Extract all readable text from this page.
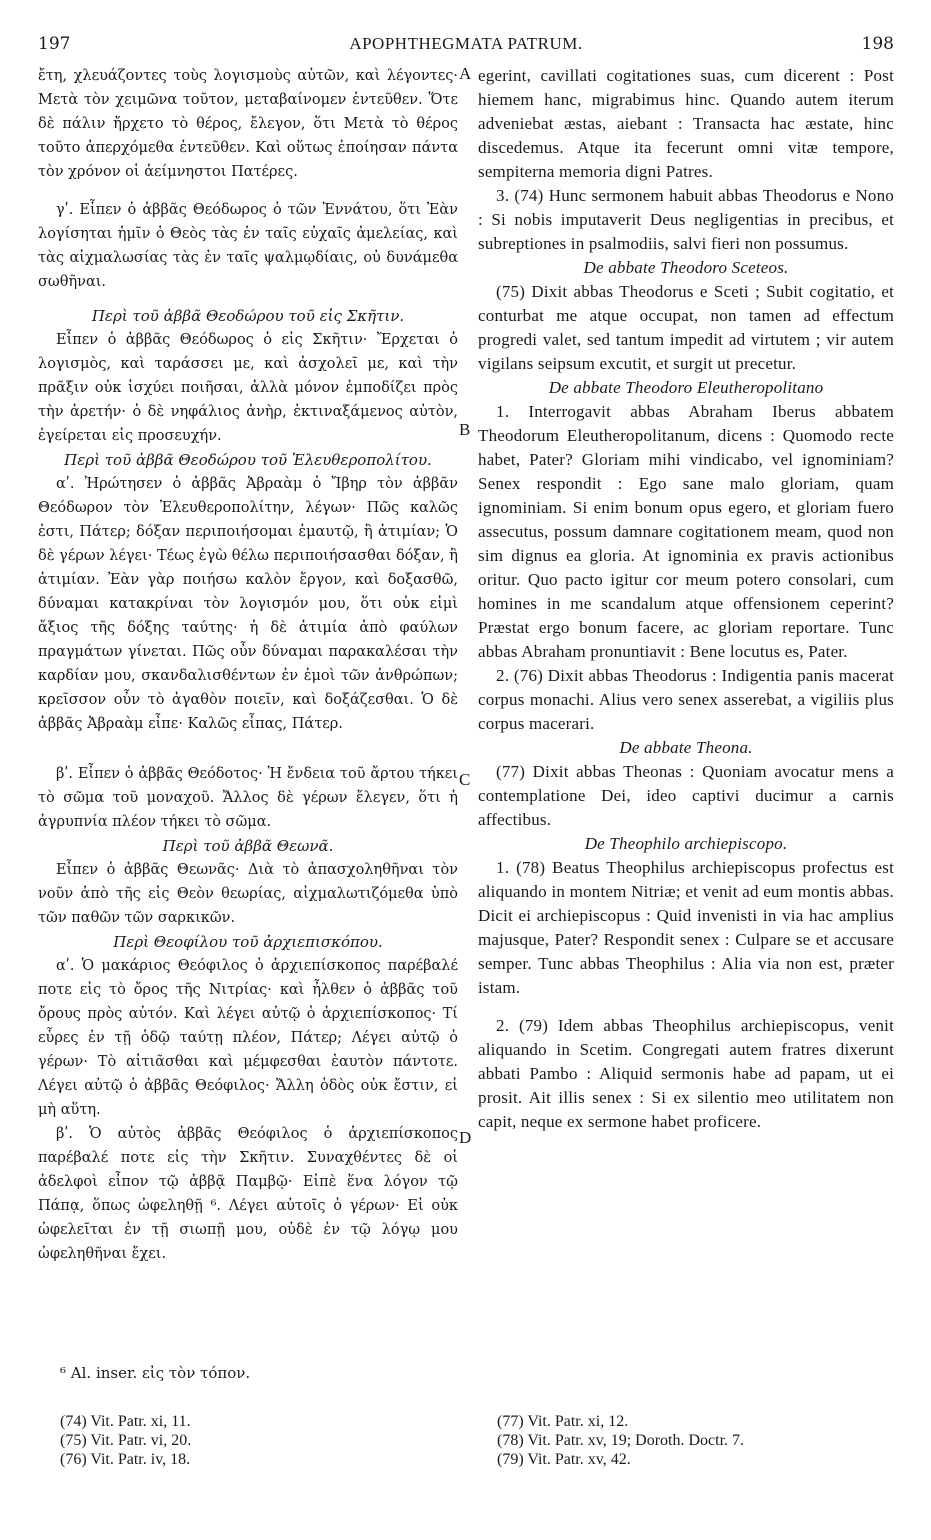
197	APOPHTHEGMATA PATRUM.	198

ἔτη, χλευάζοντες τοὺς λογισμοὺς αὐτῶν, καὶ λέγοντες· Μετὰ τὸν χειμῶνα τοῦτον, μεταβαίνομεν ἐντεῦθεν. Ὅτε δὲ πάλιν ἤρχετο τὸ θέρος, ἔλεγον, ὅτι Μετὰ τὸ θέρος τοῦτο ἀπερχόμεθα ἐντεῦθεν. Καὶ οὕτως ἐποίησαν πάντα τὸν χρόνον οἱ ἀείμνηστοι Πατέρες.

γʹ. Εἶπεν ὁ ἀββᾶς Θεόδωρος ὁ τῶν Ἐννάτου, ὅτι Ἐὰν λογίσηται ἡμῖν ὁ Θεὸς τὰς ἐν ταῖς εὐχαῖς ἀμελείας, καὶ τὰς αἰχμαλωσίας τὰς ἐν ταῖς ψαλμῳδίαις, οὐ δυνάμεθα σωθῆναι.

Περὶ τοῦ ἀββᾶ Θεοδώρου τοῦ εἰς Σκῆτιν.

Εἶπεν ὁ ἀββᾶς Θεόδωρος ὁ εἰς Σκῆτιν· Ἔρχεται ὁ λογισμὸς, καὶ ταράσσει με, καὶ ἀσχολεῖ με, καὶ τὴν πρᾶξιν οὐκ ἰσχύει ποιῆσαι, ἀλλὰ μόνον ἐμποδίζει πρὸς τὴν ἀρετήν· ὁ δὲ νηφάλιος ἀνὴρ, ἐκτιναξάμενος αὐτὸν, ἐγείρεται εἰς προσευχήν.

Περὶ τοῦ ἀββᾶ Θεοδώρου τοῦ Ἐλευθεροπολίτου.

αʹ. Ἠρώτησεν ὁ ἀββᾶς Ἀβραὰμ ὁ Ἴβηρ τὸν ἀββᾶν Θεόδωρον τὸν Ἐλευθεροπολίτην, λέγων· Πῶς καλῶς ἐστι, Πάτερ; δόξαν περιποιήσομαι ἐμαυτῷ, ἢ ἀτιμίαν; Ὁ δὲ γέρων λέγει· Τέως ἐγὼ θέλω περιποιήσασθαι δόξαν, ἢ ἀτιμίαν. Ἐὰν γὰρ ποιήσω καλὸν ἔργον, καὶ δοξασθῶ, δύναμαι κατακρίναι τὸν λογισμόν μου, ὅτι οὐκ εἰμὶ ἄξιος τῆς δόξης ταύτης· ἡ δὲ ἀτιμία ἀπὸ φαύλων πραγμάτων γίνεται. Πῶς οὖν δύναμαι παρακαλέσαι τὴν καρδίαν μου, σκανδαλισθέντων ἐν ἐμοὶ τῶν ἀνθρώπων; κρεῖσσον οὖν τὸ ἀγαθὸν ποιεῖν, καὶ δοξάζεσθαι. Ὁ δὲ ἀββᾶς Ἀβραὰμ εἶπε· Καλῶς εἶπας, Πάτερ.

βʹ. Εἶπεν ὁ ἀββᾶς Θεόδοτος· Ἡ ἔνδεια τοῦ ἄρτου τήκει τὸ σῶμα τοῦ μοναχοῦ. Ἄλλος δὲ γέρων ἔλεγεν, ὅτι ἡ ἀγρυπνία πλέον τήκει τὸ σῶμα.

Περὶ τοῦ ἀββᾶ Θεωνᾶ.

Εἶπεν ὁ ἀββᾶς Θεωνᾶς· Διὰ τὸ ἀπασχοληθῆναι τὸν νοῦν ἀπὸ τῆς εἰς Θεὸν θεωρίας, αἰχμαλωτιζόμεθα ὑπὸ τῶν παθῶν τῶν σαρκικῶν.

Περὶ Θεοφίλου τοῦ ἀρχιεπισκόπου.

αʹ. Ὁ μακάριος Θεόφιλος ὁ ἀρχιεπίσκοπος παρέβαλέ ποτε εἰς τὸ ὄρος τῆς Νιτρίας· καὶ ἦλθεν ὁ ἀββᾶς τοῦ ὄρους πρὸς αὐτόν. Καὶ λέγει αὐτῷ ὁ ἀρχιεπίσκοπος· Τί εὗρες ἐν τῇ ὁδῷ ταύτῃ πλέον, Πάτερ; Λέγει αὐτῷ ὁ γέρων· Τὸ αἰτιᾶσθαι καὶ μέμφεσθαι ἑαυτὸν πάντοτε. Λέγει αὐτῷ ὁ ἀββᾶς Θεόφιλος· Ἄλλη ὁδὸς οὐκ ἔστιν, εἰ μὴ αὕτη.

βʹ. Ὁ αὐτὸς ἀββᾶς Θεόφιλος ὁ ἀρχιεπίσκοπος παρέβαλέ ποτε εἰς τὴν Σκῆτιν. Συναχθέντες δὲ οἱ ἀδελφοὶ εἶπον τῷ ἀββᾷ Παμβῷ· Εἰπὲ ἕνα λόγον τῷ Πάπᾳ, ὅπως ὠφεληθῇ ⁶. Λέγει αὐτοῖς ὁ γέρων· Εἰ οὐκ ὠφελεῖται ἐν τῇ σιωπῇ μου, οὐδὲ ἐν τῷ λόγῳ μου ὠφεληθῆναι ἔχει.

egerint, cavillati cogitationes suas, cum dicerent : Post hiemem hanc, migrabimus hinc. Quando autem iterum adveniebat æstas, aiebant : Transacta hac æstate, hinc discedemus. Atque ita fecerunt omni vitæ tempore, sempiterna memoria digni Patres.

3. (74) Hunc sermonem habuit abbas Theodorus e Nono : Si nobis imputaverit Deus negligentias in precibus, et subreptiones in psalmodiis, salvi fieri non possumus.

De abbate Theodoro Sceteos.

(75) Dixit abbas Theodorus e Sceti ; Subit cogitatio, et conturbat me atque occupat, non tamen ad effectum progredi valet, sed tantum impedit ad virtutem ; vir autem vigilans seipsum excutit, et surgit ut precetur.

De abbate Theodoro Eleutheropolitano

1. Interrogavit abbas Abraham Iberus abbatem Theodorum Eleutheropolitanum, dicens : Quomodo recte habet, Pater? Gloriam mihi vindicabo, vel ignominiam? Senex respondit : Ego sane malo gloriam, quam ignominiam. Si enim bonum opus egero, et gloriam fuero assecutus, possum damnare cogitationem meam, quod non sim dignus ea gloria. At ignominia ex pravis actionibus oritur. Quo pacto igitur cor meum potero consolari, cum homines in me scandalum atque offensionem ceperint? Præstat ergo bonum facere, ac gloriam reportare. Tunc abbas Abraham pronuntiavit : Bene locutus es, Pater.

2. (76) Dixit abbas Theodorus : Indigentia panis macerat corpus monachi. Alius vero senex asserebat, a vigiliis plus corpus macerari.

De abbate Theona.

(77) Dixit abbas Theonas : Quoniam avocatur mens a contemplatione Dei, ideo captivi ducimur a carnis affectibus.

De Theophilo archiepiscopo.

1. (78) Beatus Theophilus archiepiscopus profectus est aliquando in montem Nitriæ; et venit ad eum montis abbas. Dicit ei archiepiscopus : Quid invenisti in via hac amplius majusque, Pater? Respondit senex : Culpare se et accusare semper. Tunc abbas Theophilus : Alia via non est, præter istam.

2. (79) Idem abbas Theophilus archiepiscopus, venit aliquando in Scetim. Congregati autem fratres dixerunt abbati Pambo : Aliquid sermonis habe ad papam, ut ei prosit. Ait illis senex : Si ex silentio meo utilitatem non capit, neque ex sermone habet proficere.

A
B
C
D
⁶ Al. inser. εἰς τὸν τόπον.
(74) Vit. Patr. xi, 11.
(75) Vit. Patr. vi, 20.
(76) Vit. Patr. iv, 18.
(77) Vit. Patr. xi, 12.
(78) Vit. Patr. xv, 19; Doroth. Doctr. 7.
(79) Vit. Patr. xv, 42.
